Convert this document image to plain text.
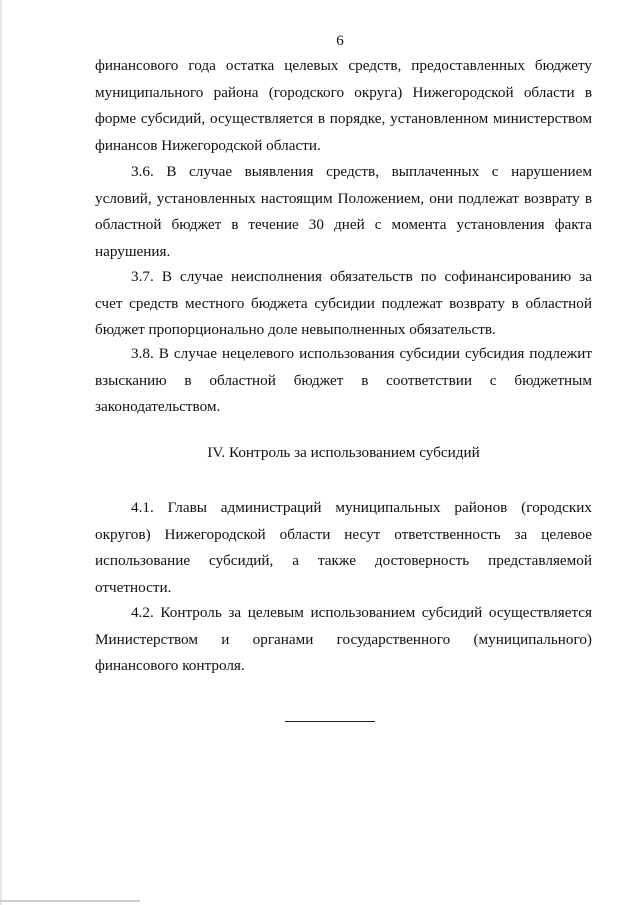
6
финансового года остатка целевых средств, предоставленных бюджету
муниципального района (городского округа) Нижегородской области в
форме субсидий, осуществляется в порядке, установленном министерством
финансов Нижегородской области.
3.6. В случае выявления средств, выплаченных с нарушением
условий, установленных настоящим Положением, они подлежат возврату в
областной бюджет в течение 30 дней с момента установления факта
нарушения.
3.7. В случае неисполнения обязательств по софинансированию за
счет средств местного бюджета субсидии подлежат возврату в областной
бюджет пропорционально доле невыполненных обязательств.
3.8. В случае нецелевого использования субсидии субсидия подлежит
взысканию в областной бюджет в соответствии с бюджетным
законодательством.
IV. Контроль за использованием субсидий
4.1. Главы администраций муниципальных районов (городских
округов) Нижегородской области несут ответственность за целевое
использование субсидий, а также достоверность представляемой
отчетности.
4.2. Контроль за целевым использованием субсидий осуществляется
Министерством и органами государственного (муниципального)
финансового контроля.
